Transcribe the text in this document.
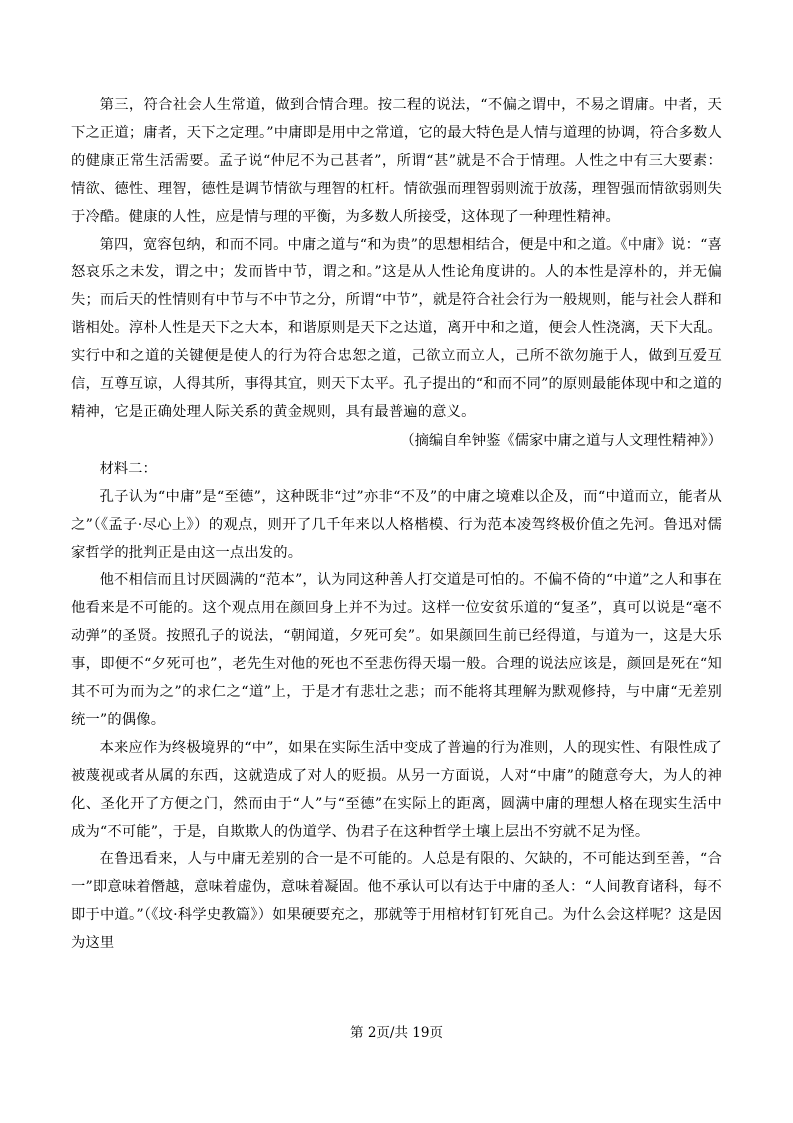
第三，符合社会人生常道，做到合情合理。按二程的说法，“不偏之谓中，不易之谓庸。中者，天下之正道；庸者，天下之定理。”中庸即是用中之常道，它的最大特色是人情与道理的协调，符合多数人的健康正常生活需要。孟子说“仲尼不为己甚者”，所谓“甚”就是不合于情理。人性之中有三大要素：情欲、德性、理智，德性是调节情欲与理智的杠杆。情欲强而理智弱则流于放荡，理智强而情欲弱则失于冷酷。健康的人性，应是情与理的平衡，为多数人所接受，这体现了一种理性精神。

第四，宽容包纳，和而不同。中庸之道与“和为贵”的思想相结合，便是中和之道。《中庸》说：“喜怒哀乐之未发，谓之中；发而皆中节，谓之和。”这是从人性论角度讲的。人的本性是淳朴的，并无偏失；而后天的性情则有中节与不中节之分，所谓“中节”，就是符合社会行为一般规则，能与社会人群和谐相处。淳朴人性是天下之大本，和谐原则是天下之达道，离开中和之道，便会人性浇漓，天下大乱。实行中和之道的关键便是使人的行为符合忠恕之道，己欲立而立人，己所不欲勿施于人，做到互爱互信，互尊互谅，人得其所，事得其宜，则天下太平。孔子提出的“和而不同”的原则最能体现中和之道的精神，它是正确处理人际关系的黄金规则，具有最普遍的意义。

（摘编自牟钟鉴《儒家中庸之道与人文理性精神》）

材料二：

孔子认为“中庸”是“至德”，这种既非“过”亦非“不及”的中庸之境难以企及，而“中道而立，能者从之”（《孟子·尽心上》）的观点，则开了几千年来以人格楷模、行为范本凌驾终极价值之先河。鲁迅对儒家哲学的批判正是由这一点出发的。

他不相信而且讨厌圆满的“范本”，认为同这种善人打交道是可怕的。不偏不倚的“中道”之人和事在他看来是不可能的。这个观点用在颜回身上并不为过。这样一位安贫乐道的“复圣”，真可以说是“毫不动弹”的圣贤。按照孔子的说法，“朝闻道，夕死可矣”。如果颜回生前已经得道，与道为一，这是大乐事，即便不“夕死可也”，老先生对他的死也不至悲伤得天塌一般。合理的说法应该是，颜回是死在“知其不可为而为之”的求仁之“道”上，于是才有悲壮之悲；而不能将其理解为默观修持，与中庸“无差别统一”的偶像。

本来应作为终极境界的“中”，如果在实际生活中变成了普遍的行为准则，人的现实性、有限性成了被蔑视或者从属的东西，这就造成了对人的贬损。从另一方面说，人对“中庸”的随意夸大，为人的神化、圣化开了方便之门，然而由于“人”与“至德”在实际上的距离，圆满中庸的理想人格在现实生活中成为“不可能”，于是，自欺欺人的伪道学、伪君子在这种哲学土壤上层出不穷就不足为怪。

在鲁迅看来，人与中庸无差别的合一是不可能的。人总是有限的、欠缺的，不可能达到至善，“合一”即意味着僭越，意味着虚伪，意味着凝固。他不承认可以有达于中庸的圣人：“人间教育诸科，每不即于中道。”（《坟·科学史教篇》）如果硬要充之，那就等于用棺材钉钉死自己。为什么会这样呢？这是因为这里

第 2页/共 19页
